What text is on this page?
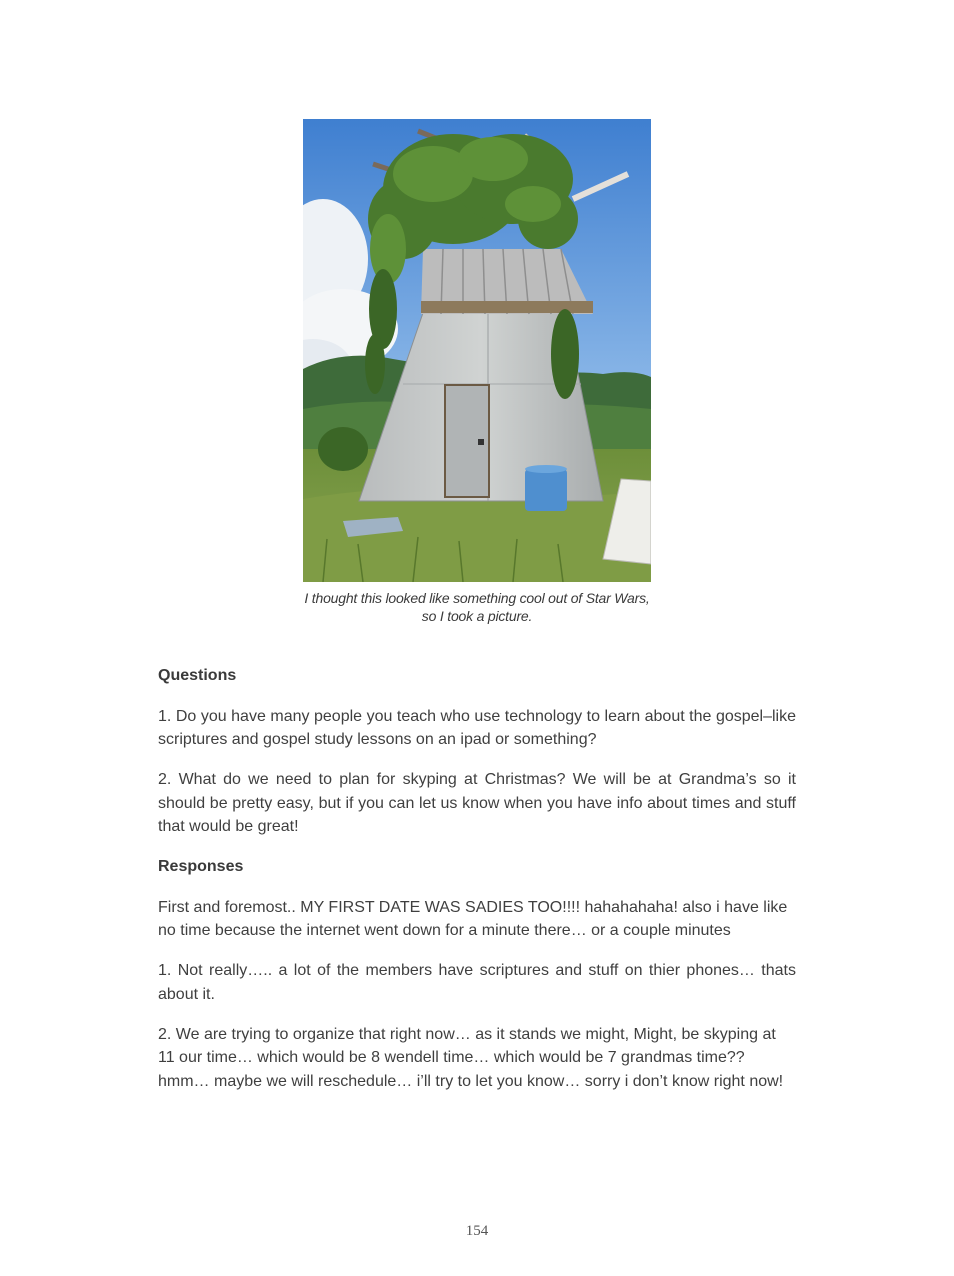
I thought this looked like something cool out of Star Wars,
so I took a picture.
Questions

1. Do you have many people you teach who use technology to learn about the gospel–like scriptures and gospel study lessons on an ipad or something?

2. What do we need to plan for skyping at Christmas? We will be at Grandma’s so it should be pretty easy, but if you can let us know when you have info about times and stuff that would be great!

Responses

First and foremost.. MY FIRST DATE WAS SADIES TOO!!!! hahahahaha! also i have like no time because the internet went down for a minute there… or a couple minutes

1. Not really….. a lot of the members have scriptures and stuff on thier phones… thats about it.

2. We are trying to organize that right now… as it stands we might, Might, be skyping at 11 our time… which would be 8 wendell time… which would be 7 grandmas time?? hmm… maybe we will reschedule… i’ll try to let you know… sorry i don’t know right now!

154
